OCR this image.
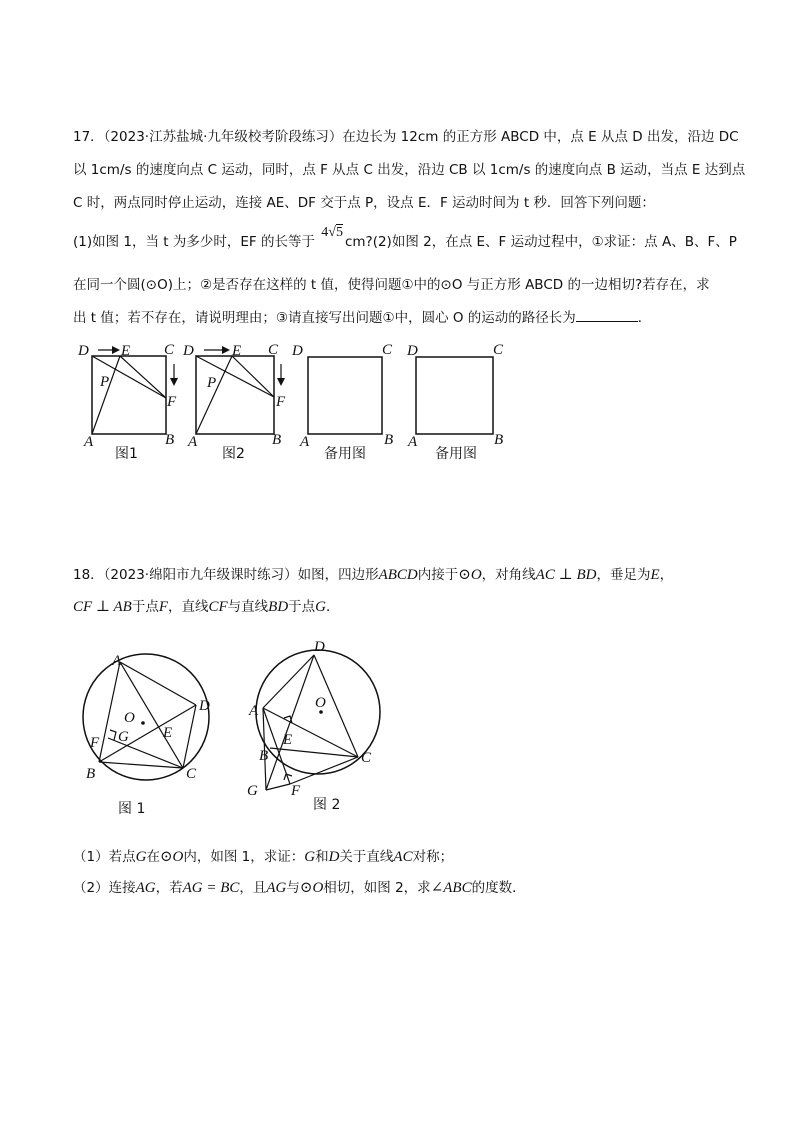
17．（2023·江苏盐城·九年级校考阶段练习）在边长为 12cm 的正方形 ABCD 中，点 E 从点 D 出发，沿边 DC
以 1cm/s 的速度向点 C 运动，同时，点 F 从点 C 出发，沿边 CB 以 1cm/s 的速度向点 B 运动，当点 E 达到点
C 时，两点同时停止运动，连接 AE、DF 交于点 P，设点 E．F 运动时间为 t 秒．回答下列问题：
(1)如图 1，当 t 为多少时，EF 的长等于 4√5cm?(2)如图 2，在点 E、F 运动过程中，①求证：点 A、B、F、P
在同一个圆(⊙O)上；②是否存在这样的 t 值，使得问题①中的⊙O 与正方形 ABCD 的一边相切?若存在，求
出 t 值；若不存在，请说明理由；③请直接写出问题①中，圆心 O 的运动的路径长为	．
D E C
P
F
A	B
图1
D	E C
P
F
A	B
图2
D	C
A	B
备用图
D	C
A	B
备用图
18．（2023·绵阳市九年级课时练习）如图，四边形ABCD内接于⊙O，对角线AC ⊥ BD，垂足为E，
CF ⊥ AB于点F，直线CF与直线BD于点G．
A
D
O
E
F G
B	C
图 1
D
O
A
E
B	C
G F
图 2
（1）若点G在⊙O内，如图 1，求证：G和D关于直线AC对称；
（2）连接AG，若AG = BC，且AG与⊙O相切，如图 2，求∠ABC的度数．
